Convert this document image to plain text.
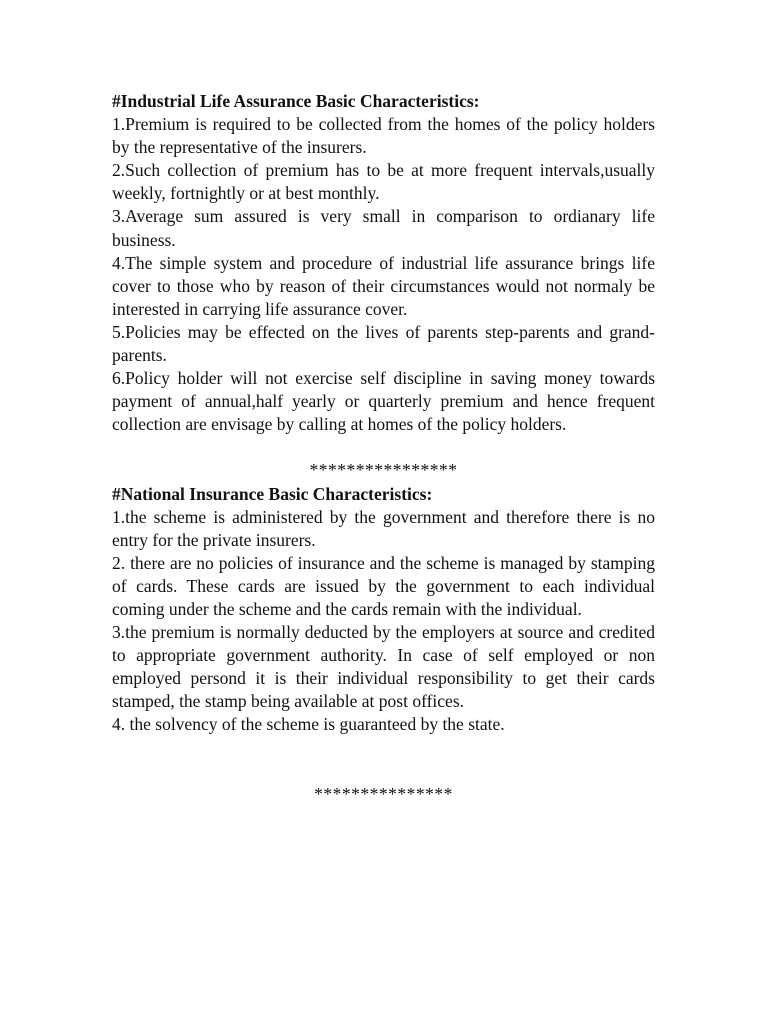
#Industrial Life Assurance Basic Characteristics:

1.Premium is required to be collected from the homes of the policy holders by the representative of the insurers.

2.Such collection of premium has to be at more frequent intervals,usually weekly, fortnightly or at best monthly.

3.Average sum assured is very small in comparison to ordianary life business.

4.The simple system and procedure of industrial life assurance brings life cover to those who by reason of their circumstances would not normaly be interested in carrying life assurance cover.

5.Policies may be effected on the lives of parents step-parents and grand-parents.

6.Policy holder will not exercise self discipline in saving money towards payment of annual,half yearly or quarterly premium and hence frequent collection are envisage by calling at homes of the policy holders.

****************

#National Insurance Basic Characteristics:

1.the scheme is administered by the government and therefore there is no entry for the private insurers.

2. there are no policies of insurance and the scheme is managed by stamping of cards. These cards are issued by the government to each individual coming under the scheme and the cards remain with the individual.

3.the premium is normally deducted by the employers at source and credited to appropriate government authority. In case of self employed or non employed persond it is their individual responsibility to get their cards stamped, the stamp being available at post offices.

4. the solvency of the scheme is guaranteed by the state.

***************
